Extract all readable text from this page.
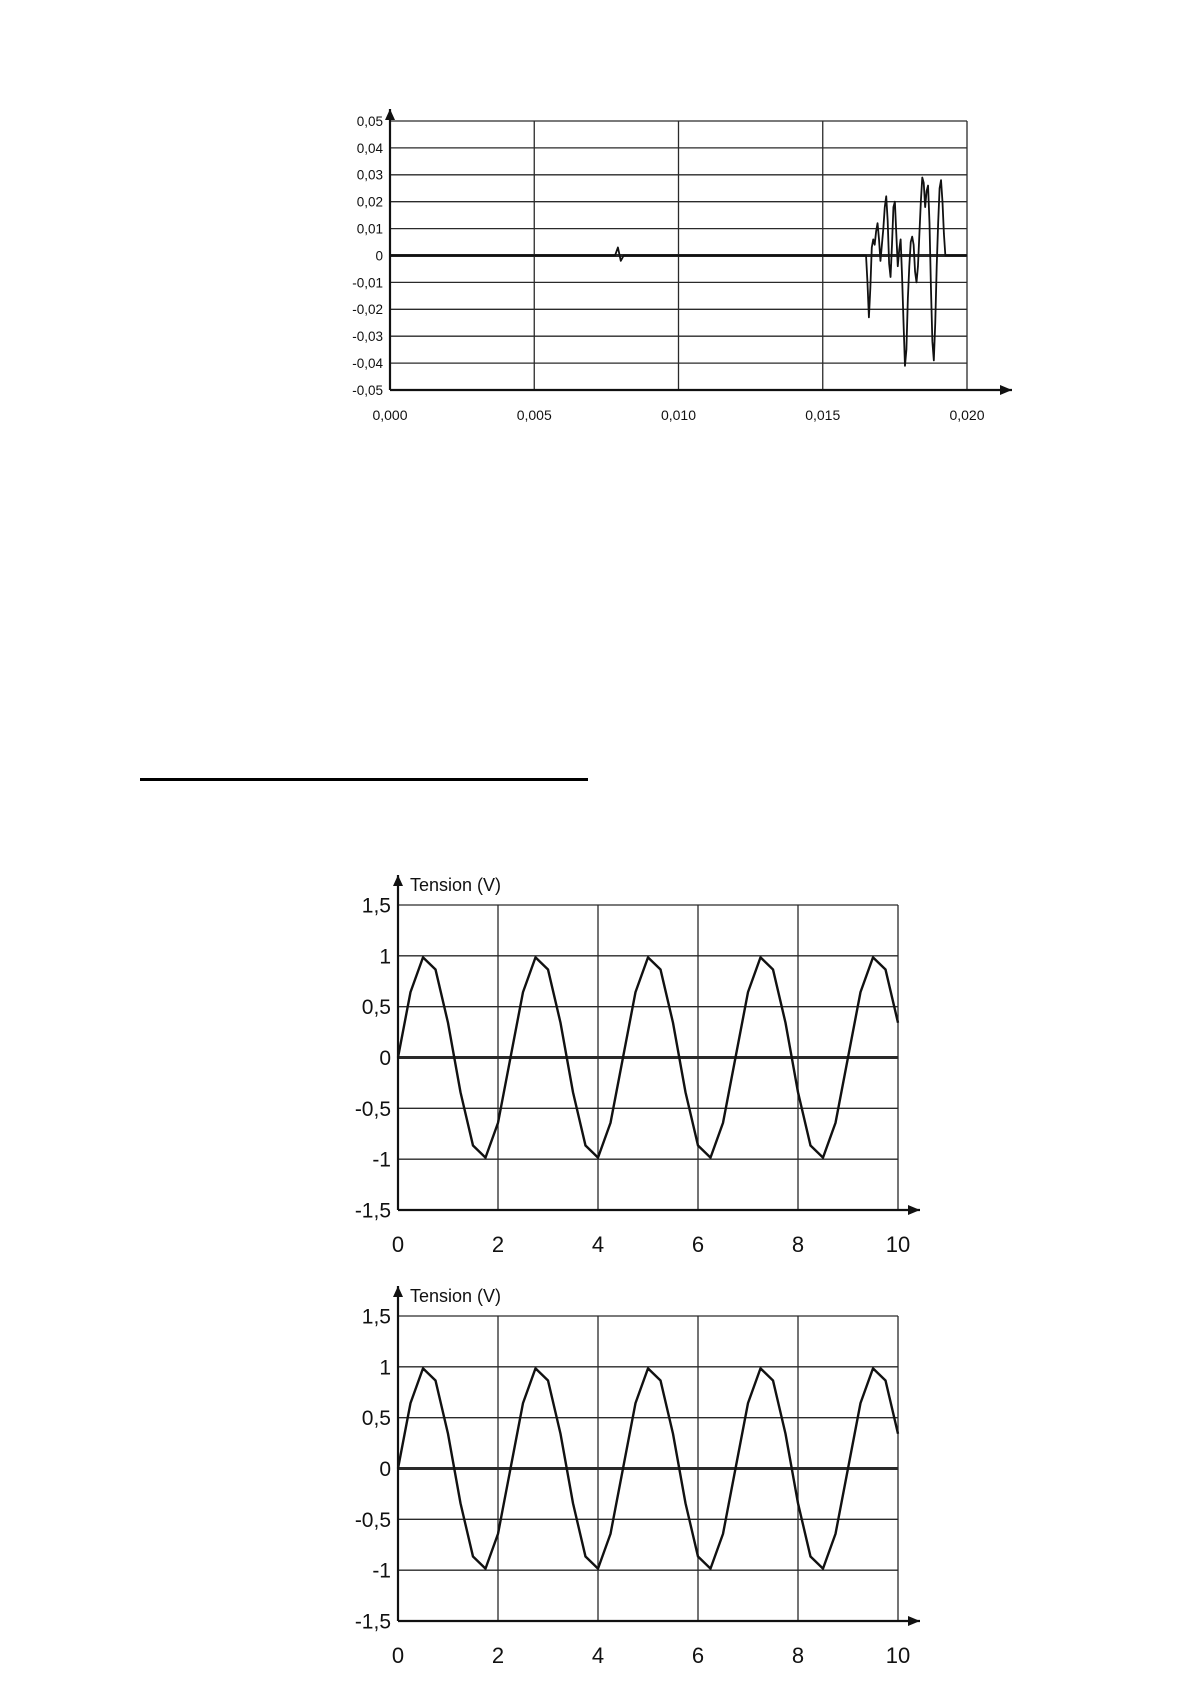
0,05
0,04
0,03
0,02
0,01
0
-0,01
-0,02
-0,03
-0,04
-0,05
0,000	0,005	0,010	0,015	0,020
1,5
1
0,5
0
-0,5
-1
-1,5
0	2	4	6	8	10
Tension (V)
1,5
1
0,5
0
-0,5
-1
-1,5
0	2	4	6	8	10
Tension (V)
